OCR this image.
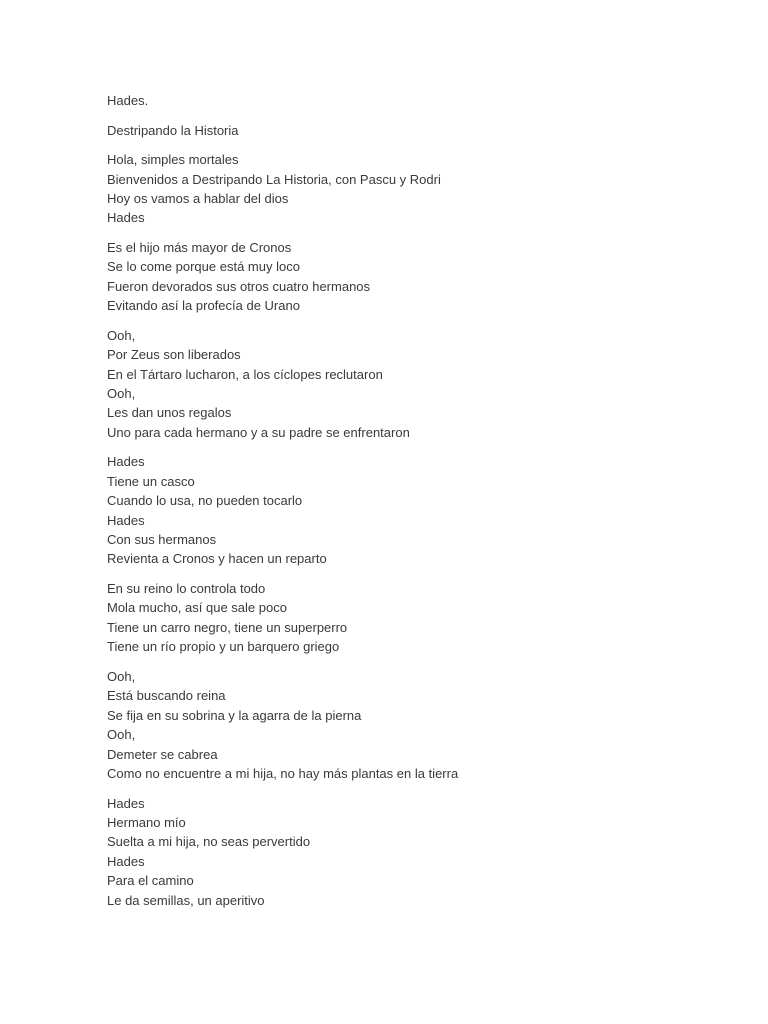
Hades.

Destripando la Historia

Hola, simples mortales
Bienvenidos a Destripando La Historia, con Pascu y Rodri
Hoy os vamos a hablar del dios
Hades

Es el hijo más mayor de Cronos
Se lo come porque está muy loco
Fueron devorados sus otros cuatro hermanos
Evitando así la profecía de Urano

Ooh,
Por Zeus son liberados
En el Tártaro lucharon, a los cíclopes reclutaron
Ooh,
Les dan unos regalos
Uno para cada hermano y a su padre se enfrentaron

Hades
Tiene un casco
Cuando lo usa, no pueden tocarlo
Hades
Con sus hermanos
Revienta a Cronos y hacen un reparto

En su reino lo controla todo
Mola mucho, así que sale poco
Tiene un carro negro, tiene un superperro
Tiene un río propio y un barquero griego

Ooh,
Está buscando reina
Se fija en su sobrina y la agarra de la pierna
Ooh,
Demeter se cabrea
Como no encuentre a mi hija, no hay más plantas en la tierra

Hades
Hermano mío
Suelta a mi hija, no seas pervertido
Hades
Para el camino
Le da semillas, un aperitivo
